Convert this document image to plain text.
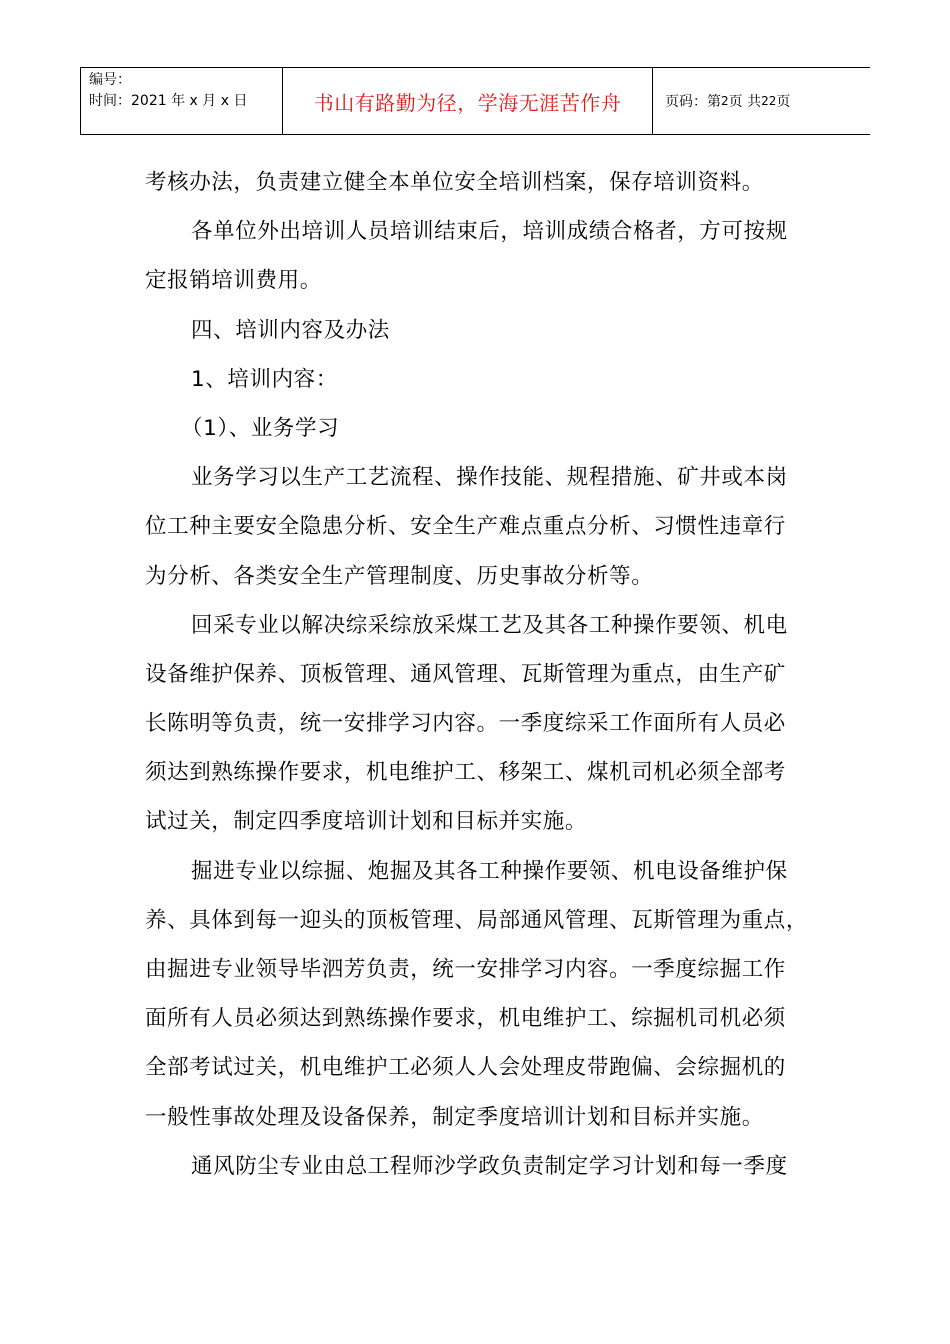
编号：
时间：2021 年 x 月 x 日	书山有路勤为径，学海无涯苦作舟	页码：第 2 页 共 22 页
考核办法，负责建立健全本单位安全培训档案，保存培训资料。
各单位外出培训人员培训结束后，培训成绩合格者，方可按规
定报销培训费用。
四、培训内容及办法
1、培训内容：
（1）、业务学习
业务学习以生产工艺流程、操作技能、规程措施、矿井或本岗
位工种主要安全隐患分析、安全生产难点重点分析、习惯性违章行
为分析、各类安全生产管理制度、历史事故分析等。
回采专业以解决综采综放采煤工艺及其各工种操作要领、机电
设备维护保养、顶板管理、通风管理、瓦斯管理为重点，由生产矿
长陈明等负责，统一安排学习内容。一季度综采工作面所有人员必
须达到熟练操作要求，机电维护工、移架工、煤机司机必须全部考
试过关，制定四季度培训计划和目标并实施。
掘进专业以综掘、炮掘及其各工种操作要领、机电设备维护保
养、具体到每一迎头的顶板管理、局部通风管理、瓦斯管理为重点，
由掘进专业领导毕泗芳负责，统一安排学习内容。一季度综掘工作
面所有人员必须达到熟练操作要求，机电维护工、综掘机司机必须
全部考试过关，机电维护工必须人人会处理皮带跑偏、会综掘机的
一般性事故处理及设备保养，制定季度培训计划和目标并实施。
通风防尘专业由总工程师沙学政负责制定学习计划和每一季度
